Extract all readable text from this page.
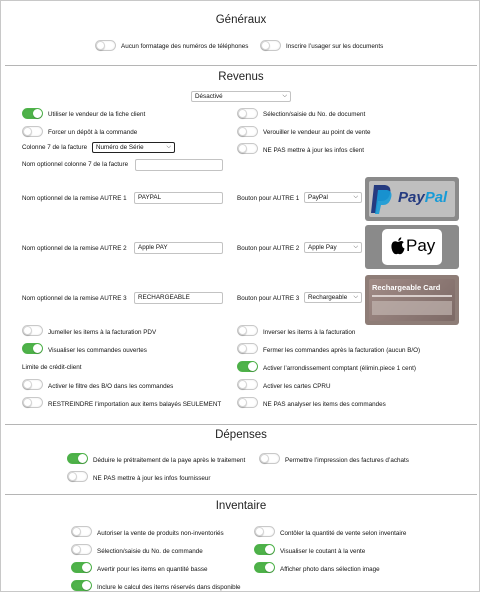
Généraux
Aucun formatage des numéros de téléphones	Inscrire l’usager sur les documents
Revenus
Désactivé	⌵
Utiliser le vendeur de la fiche client
Forcer un dépôt à la commande
Sélection/saisie du No. de document
Verouiller le vendeur au point de vente
NE PAS mettre à jour les infos client
Colonne 7 de la facture	Numéro de Série	⌵
Nom optionnel colonne 7 de la facture
Nom optionnel de la remise AUTRE 1	PAYPAL	Bouton pour AUTRE 1	PayPal	⌵	PayPal
Nom optionnel de la remise AUTRE 2	Apple PAY	Bouton pour AUTRE 2	Apple Pay	⌵	Pay
Nom optionnel de la remise AUTRE 3	RECHARGEABLE	Bouton pour AUTRE 3	Rechargeable ⌵
Rechargeable Card
Jumeller les items à la facturation PDV
Visualiser les commandes ouvertes
Limite de crédit-client
Activer le filtre des B/O dans les commandes
RESTREINDRE l’importation aux items balayés SEULEMENT
Inverser les items à la facturation
Fermer les commandes après la facturation (aucun B/O)
Activer l’arrondissement comptant (élimin.piece 1 cent)
Activer les cartes CPRU
NE PAS analyser les items des commandes
Dépenses
Déduire le prétraitement de la paye après le traitement	Permettre l’impression des factures d’achats
NE PAS mettre à jour les infos fournisseur
Inventaire
Autoriser la vente de produits non-inventoriés
Sélection/saisie du No. de commande
Avertir pour les items en quantité basse
Inclure le calcul des items réservés dans disponible
Contôler la quantité de vente selon inventaire
Visualiser le coutant à la vente
Afficher photo dans sélection image
